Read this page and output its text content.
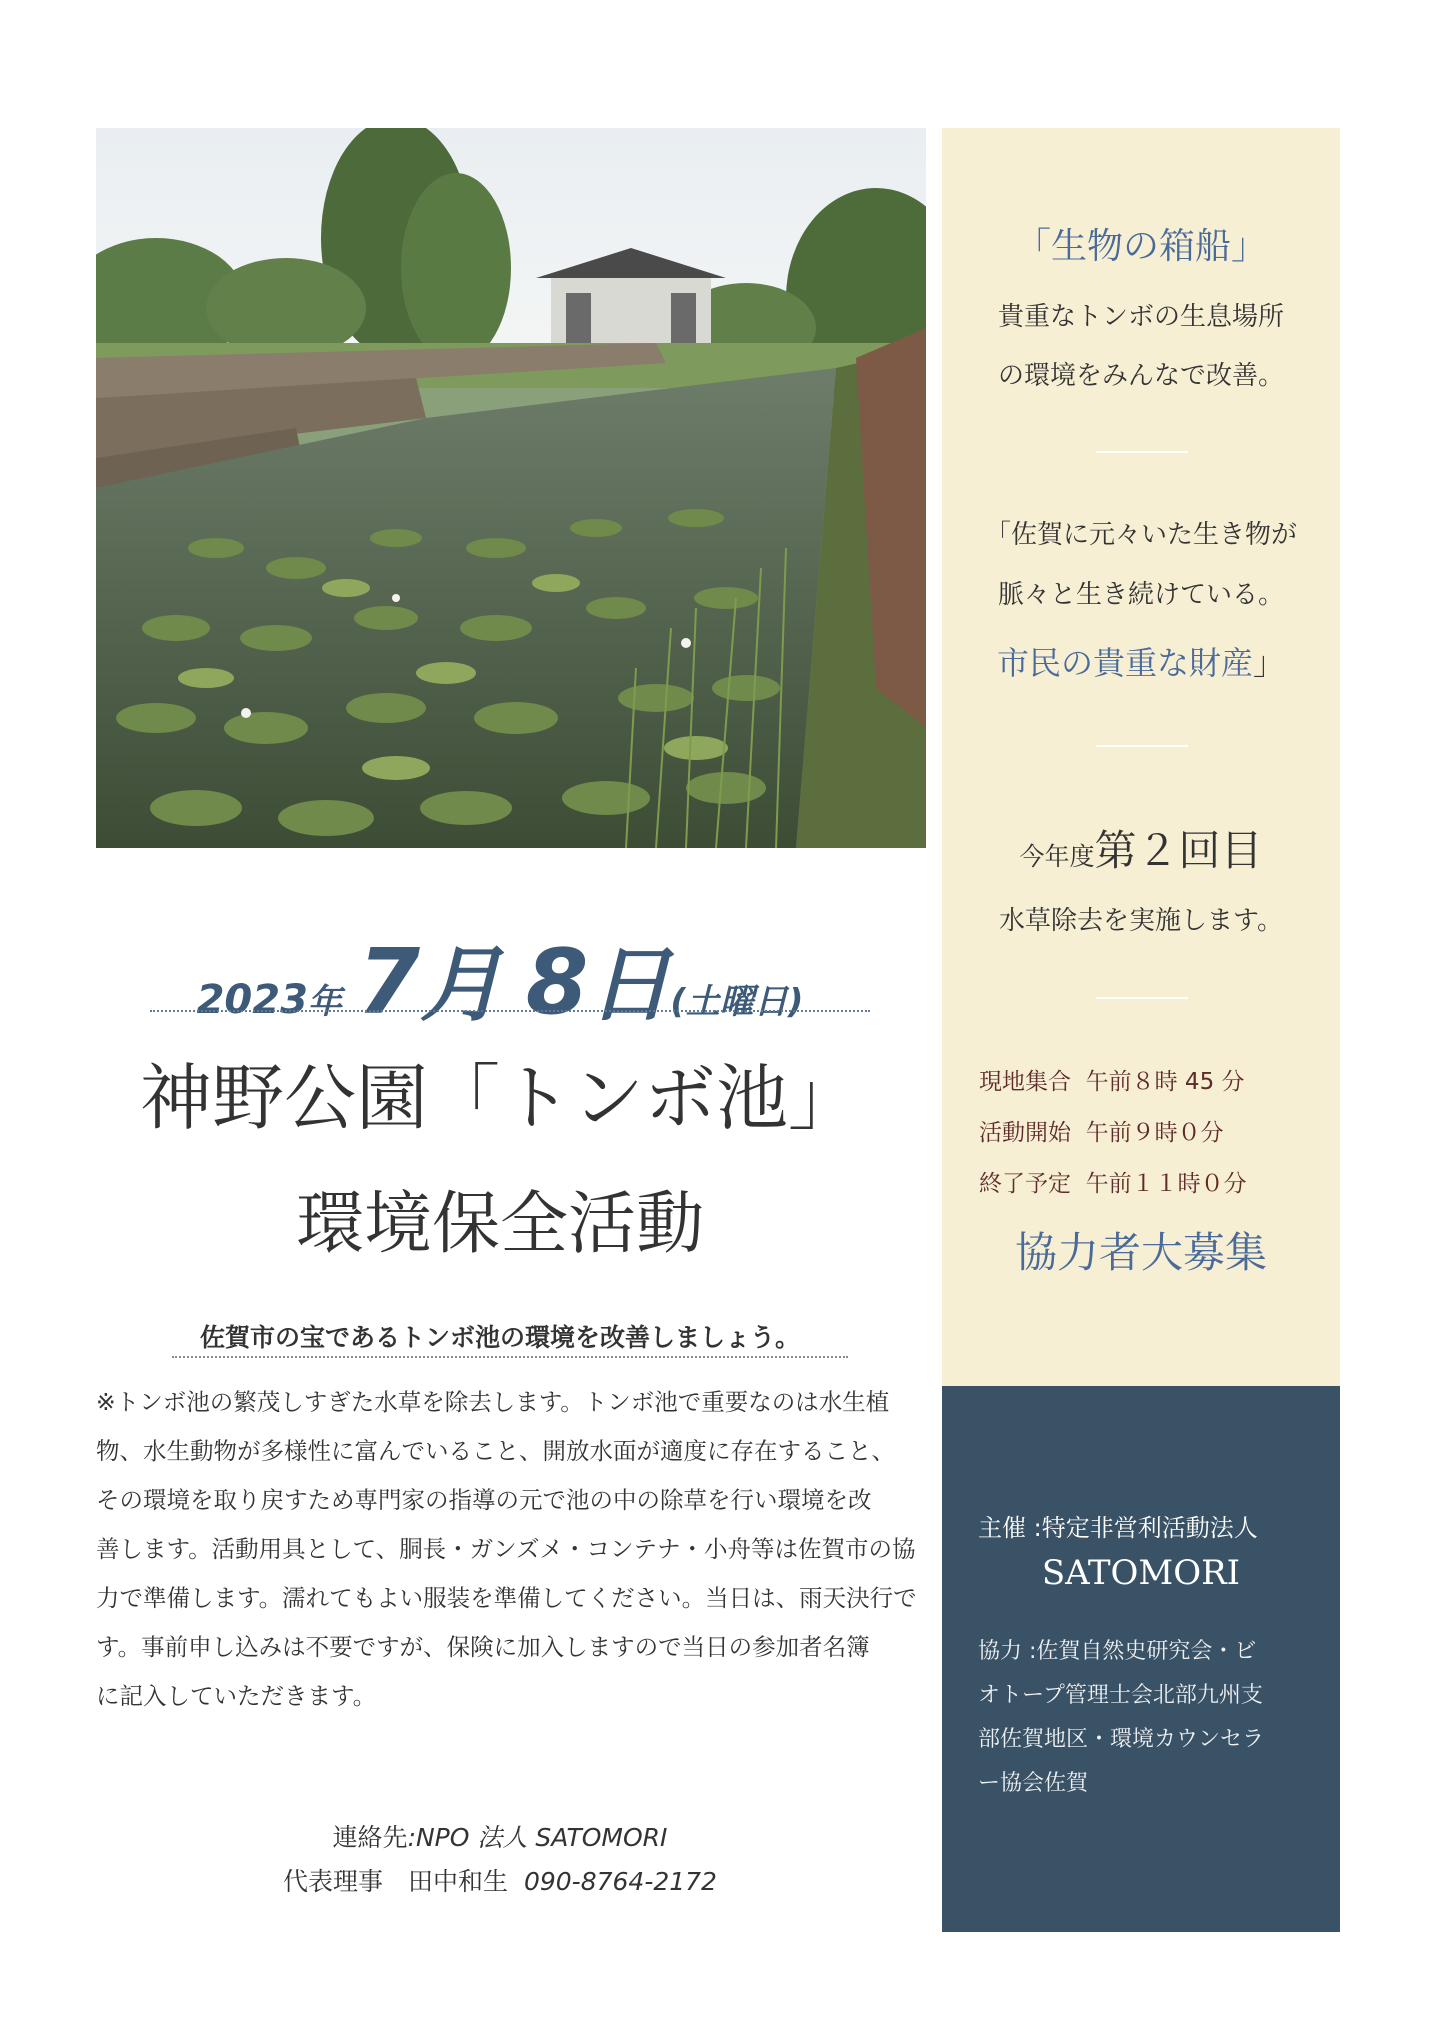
「生物の箱船」
貴重なトンボの生息場所
の環境をみんなで改善。
「佐賀に元々いた生き物が
脈々と生き続けている。
市民の貴重な財産」
今年度第２回目
水草除去を実施します。
現地集合 午前８時 45 分
活動開始 午前９時０分
終了予定 午前１１時０分
協力者大募集
主催 :特定非営利活動法人
SATOMORI
協力 :佐賀自然史研究会・ビ
オトープ管理士会北部九州支
部佐賀地区・環境カウンセラ
ー協会佐賀
2023年 7月 8日(土曜日)
神野公園「トンボ池」
環境保全活動
佐賀市の宝であるトンボ池の環境を改善しましょう。
※トンボ池の繁茂しすぎた水草を除去します。トンボ池で重要なのは水生植
物、水生動物が多様性に富んでいること、開放水面が適度に存在すること、
その環境を取り戻すため専門家の指導の元で池の中の除草を行い環境を改
善します。活動用具として、胴長・ガンズメ・コンテナ・小舟等は佐賀市の協
力で準備します。濡れてもよい服装を準備してください。当日は、雨天決行で
す。事前申し込みは不要ですが、保険に加入しますので当日の参加者名簿
に記入していただきます。
連絡先:NPO 法人 SATOMORI
代表理事　田中和生 090-8764-2172
